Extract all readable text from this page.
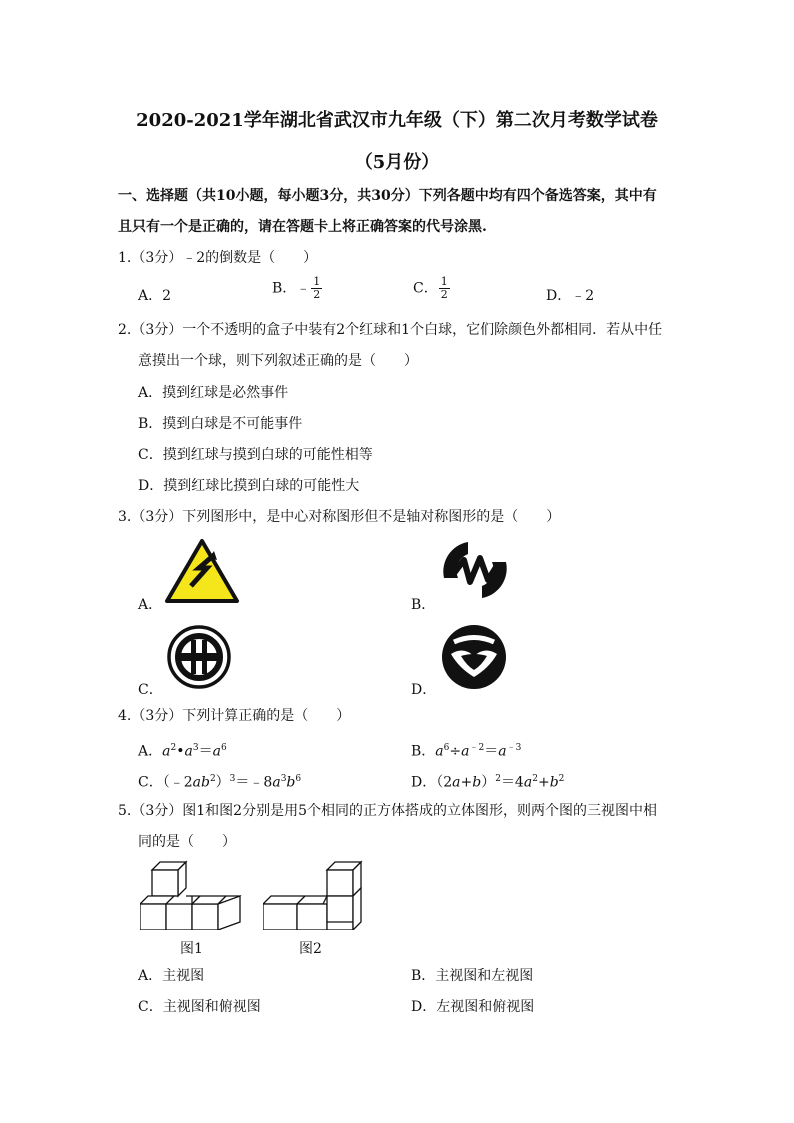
2020-2021学年湖北省武汉市九年级（下）第二次月考数学试卷
（5月份）
一、选择题（共10小题，每小题3分，共30分）下列各题中均有四个备选答案，其中有
且只有一个是正确的，请在答题卡上将正确答案的代号涂黑.
1.（3分）﹣2的倒数是（　　）
A．2	B．﹣ $\frac{1}{2}$	C． $\frac{1}{2}$	D．﹣2
2.（3分）一个不透明的盒子中装有2个红球和1个白球，它们除颜色外都相同．若从中任
意摸出一个球，则下列叙述正确的是（　　）
A．摸到红球是必然事件
B．摸到白球是不可能事件
C．摸到红球与摸到白球的可能性相等
D．摸到红球比摸到白球的可能性大
3.（3分）下列图形中，是中心对称图形但不是轴对称图形的是（　　）
A．	B．
C．	D．
4.（3分）下列计算正确的是（　　）
A．$a^2•a^3=a^6$	B．$a^6\div a^{﹣2}=a^{﹣3}$
C．$(﹣2ab^2)^3=﹣8a^3b^6$	D．$(2a+b)^2=4a^2+b^2$
5.（3分）图1和图2分别是用5个相同的正方体搭成的立体图形，则两个图的三视图中相
同的是（　　）
图1	图2
A．主视图	B．主视图和左视图
C．主视图和俯视图	D．左视图和俯视图
